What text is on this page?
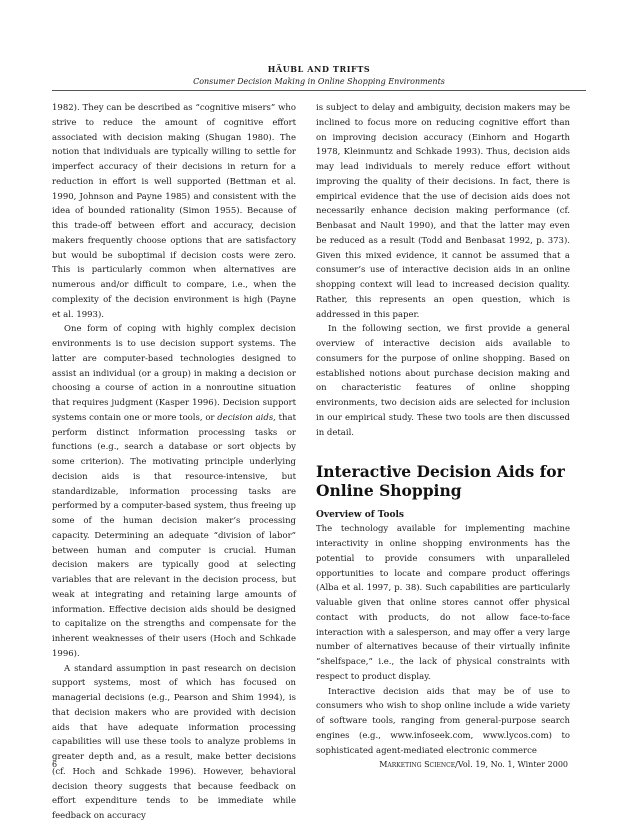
HÄUBL AND TRIFTS
Consumer Decision Making in Online Shopping Environments

1982). They can be described as “cognitive misers” who strive to reduce the amount of cognitive effort associated with decision making (Shugan 1980). The notion that individuals are typically willing to settle for imperfect accuracy of their decisions in return for a reduction in effort is well supported (Bettman et al. 1990, Johnson and Payne 1985) and consistent with the idea of bounded rationality (Simon 1955). Because of this trade-off between effort and accuracy, decision makers frequently choose options that are satisfactory but would be suboptimal if decision costs were zero. This is particularly common when alternatives are numerous and/or difficult to compare, i.e., when the complexity of the decision environment is high (Payne et al. 1993).

One form of coping with highly complex decision environments is to use decision support systems. The latter are computer-based technologies designed to assist an individual (or a group) in making a decision or choosing a course of action in a nonroutine situation that requires judgment (Kasper 1996). Decision support systems contain one or more tools, or decision aids, that perform distinct information processing tasks or functions (e.g., search a database or sort objects by some criterion). The motivating principle underlying decision aids is that resource-intensive, but standardizable, information processing tasks are performed by a computer-based system, thus freeing up some of the human decision maker’s processing capacity. Determining an adequate “division of labor” between human and computer is crucial. Human decision makers are typically good at selecting variables that are relevant in the decision process, but weak at integrating and retaining large amounts of information. Effective decision aids should be designed to capitalize on the strengths and compensate for the inherent weaknesses of their users (Hoch and Schkade 1996).

A standard assumption in past research on decision support systems, most of which has focused on managerial decisions (e.g., Pearson and Shim 1994), is that decision makers who are provided with decision aids that have adequate information processing capabilities will use these tools to analyze problems in greater depth and, as a result, make better decisions (cf. Hoch and Schkade 1996). However, behavioral decision theory suggests that because feedback on effort expenditure tends to be immediate while feedback on accuracy

is subject to delay and ambiguity, decision makers may be inclined to focus more on reducing cognitive effort than on improving decision accuracy (Einhorn and Hogarth 1978, Kleinmuntz and Schkade 1993). Thus, decision aids may lead individuals to merely reduce effort without improving the quality of their decisions. In fact, there is empirical evidence that the use of decision aids does not necessarily enhance decision making performance (cf. Benbasat and Nault 1990), and that the latter may even be reduced as a result (Todd and Benbasat 1992, p. 373). Given this mixed evidence, it cannot be assumed that a consumer’s use of interactive decision aids in an online shopping context will lead to increased decision quality. Rather, this represents an open question, which is addressed in this paper.

In the following section, we first provide a general overview of interactive decision aids available to consumers for the purpose of online shopping. Based on established notions about purchase decision making and on characteristic features of online shopping environments, two decision aids are selected for inclusion in our empirical study. These two tools are then discussed in detail.

Interactive Decision Aids for Online Shopping
Overview of Tools

The technology available for implementing machine interactivity in online shopping environments has the potential to provide consumers with unparalleled opportunities to locate and compare product offerings (Alba et al. 1997, p. 38). Such capabilities are particularly valuable given that online stores cannot offer physical contact with products, do not allow face-to-face interaction with a salesperson, and may offer a very large number of alternatives because of their virtually infinite “shelfspace,” i.e., the lack of physical constraints with respect to product display.

Interactive decision aids that may be of use to consumers who wish to shop online include a wide variety of software tools, ranging from general-purpose search engines (e.g., www.infoseek.com, www.lycos.com) to sophisticated agent-mediated electronic commerce

6	Marketing Science/Vol. 19, No. 1, Winter 2000
